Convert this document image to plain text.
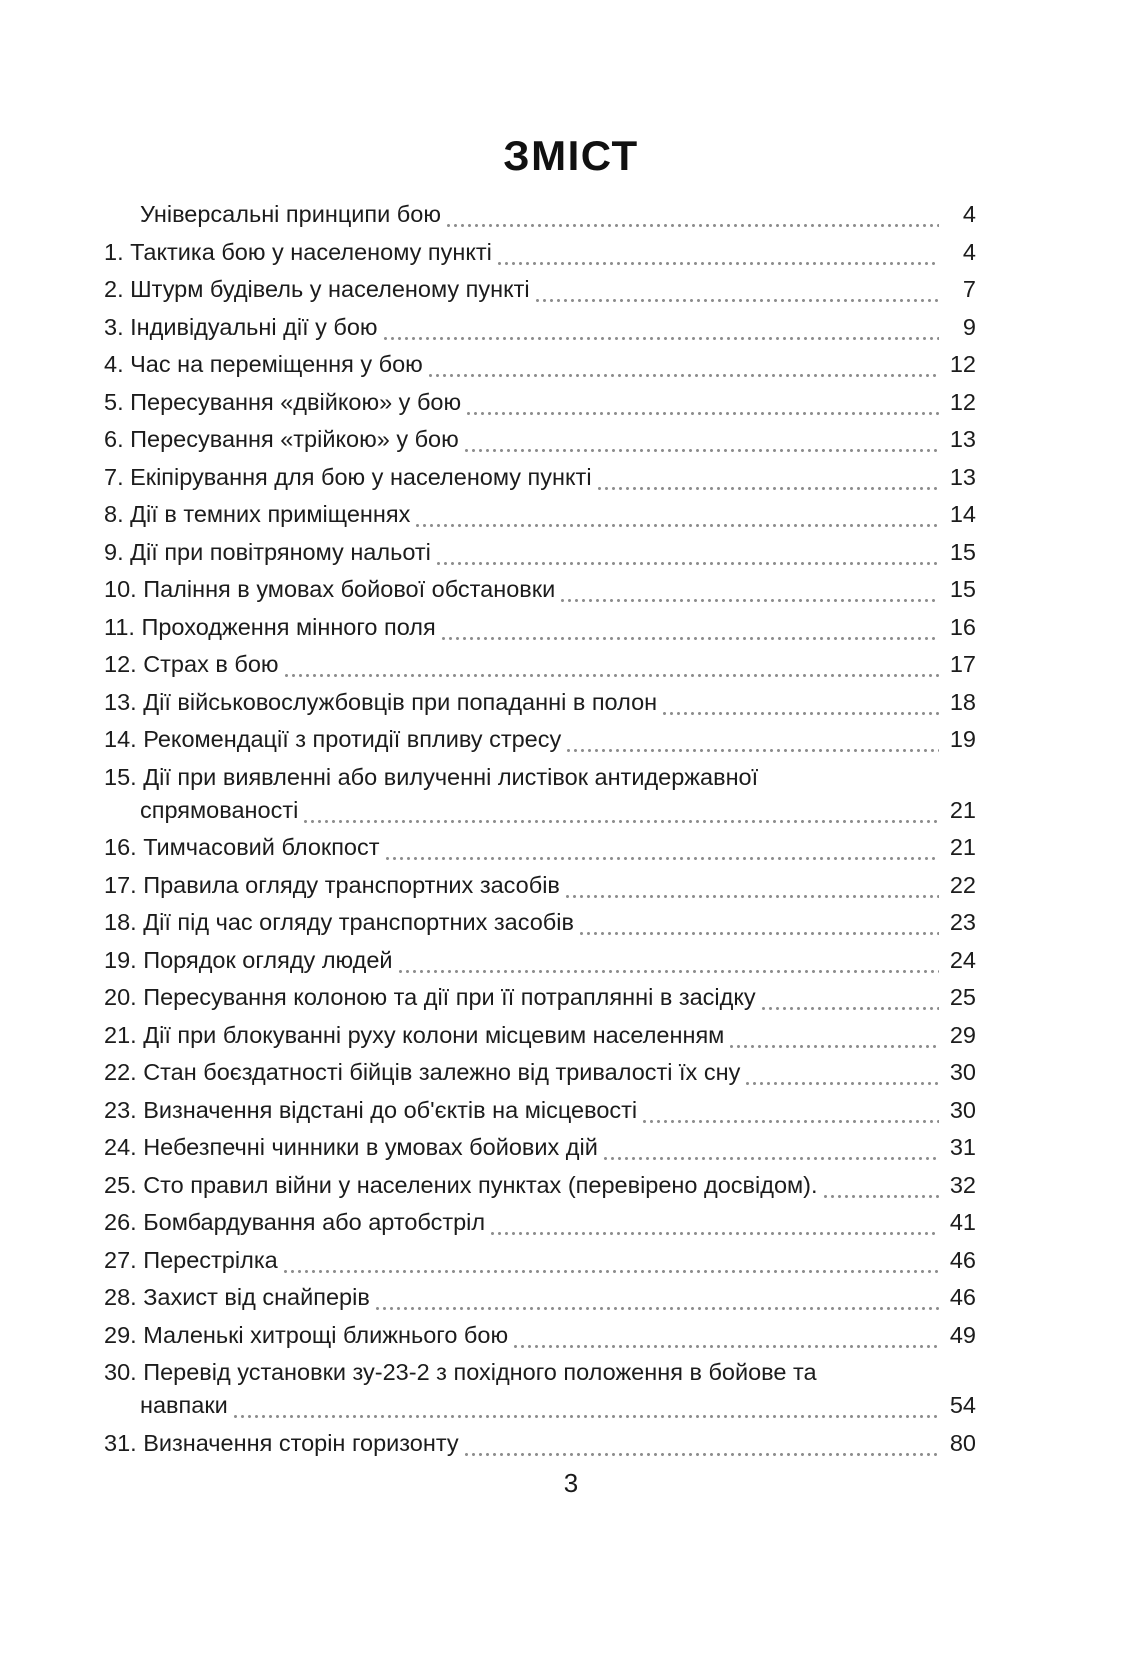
ЗМІСТ
Універсальні принципи бою	4
1. Тактика бою у населеному пункті	4
2. Штурм будівель у населеному пункті	7
3. Індивідуальні дії у бою	9
4. Час на переміщення у бою	12
5. Пересування «двійкою» у бою	12
6. Пересування «трійкою» у бою	13
7. Екіпірування для бою у населеному пункті	13
8. Дії в темних приміщеннях	14
9. Дії при повітряному нальоті	15
10. Паління в умовах бойової обстановки	15
11. Проходження мінного поля	16
12. Страх в бою	17
13. Дії військовослужбовців при попаданні в полон	18
14. Рекомендації з протидії впливу стресу	19
15. Дії при виявленні або вилученні листівок антидержавної
спрямованості	21
16. Тимчасовий блокпост	21
17. Правила огляду транспортних засобів	22
18. Дії під час огляду транспортних засобів	23
19. Порядок огляду людей	24
20. Пересування колоною та дії при її потраплянні в засідку	25
21. Дії при блокуванні руху колони місцевим населенням	29
22. Стан боєздатності бійців залежно від тривалості їх сну	30
23. Визначення відстані до об'єктів на місцевості	30
24. Небезпечні чинники в умовах бойових дій	31
25. Сто правил війни у населених пунктах (перевірено досвідом).	32
26. Бомбардування або артобстріл	41
27. Перестрілка	46
28. Захист від снайперів	46
29. Маленькі хитрощі ближнього бою	49
30. Перевід установки зу-23-2 з похідного положення в бойове та
навпаки	54
31. Визначення сторін горизонту	80
3
